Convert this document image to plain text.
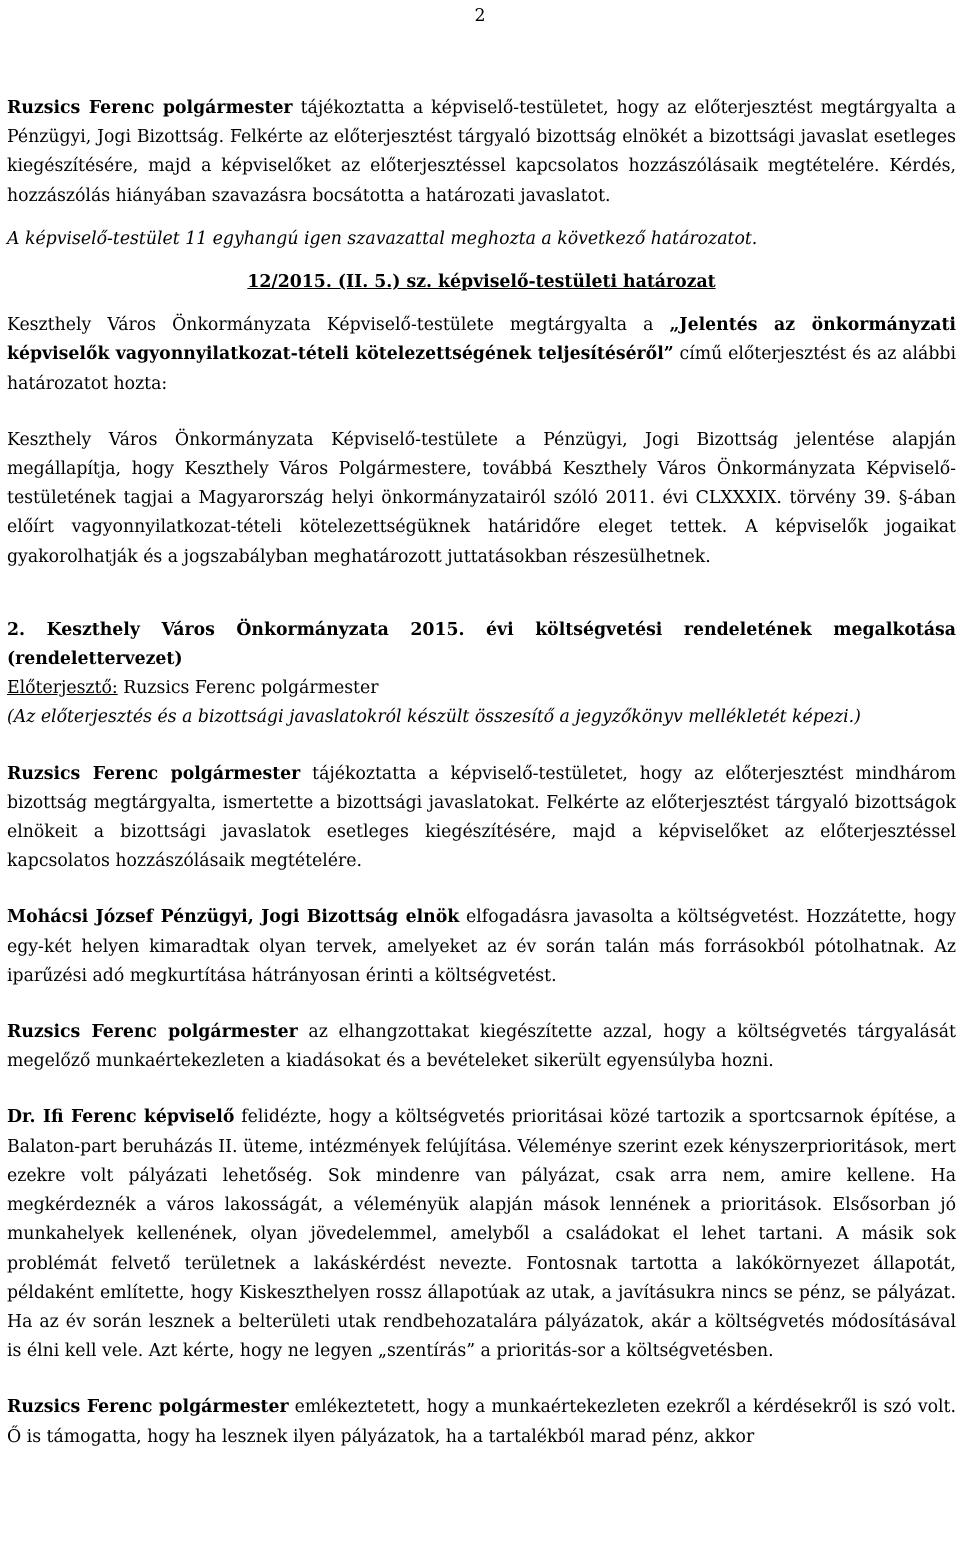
2

Ruzsics Ferenc polgármester tájékoztatta a képviselő-testületet, hogy az előterjesztést megtárgyalta a Pénzügyi, Jogi Bizottság. Felkérte az előterjesztést tárgyaló bizottság elnökét a bizottsági javaslat esetleges kiegészítésére, majd a képviselőket az előterjesztéssel kapcsolatos hozzászólásaik megtételére. Kérdés, hozzászólás hiányában szavazásra bocsátotta a határozati javaslatot.

A képviselő-testület 11 egyhangú igen szavazattal meghozta a következő határozatot.

12/2015. (II. 5.) sz. képviselő-testületi határozat

Keszthely Város Önkormányzata Képviselő-testülete megtárgyalta a „Jelentés az önkormányzati képviselők vagyonnyilatkozat-tételi kötelezettségének teljesítéséről” című előterjesztést és az alábbi határozatot hozta:

Keszthely Város Önkormányzata Képviselő-testülete a Pénzügyi, Jogi Bizottság jelentése alapján megállapítja, hogy Keszthely Város Polgármestere, továbbá Keszthely Város Önkormányzata Képviselő-testületének tagjai a Magyarország helyi önkormányzatairól szóló 2011. évi CLXXXIX. törvény 39. §-ában előírt vagyonnyilatkozat-tételi kötelezettségüknek határidőre eleget tettek. A képviselők jogaikat gyakorolhatják és a jogszabályban meghatározott juttatásokban részesülhetnek.

2. Keszthely Város Önkormányzata 2015. évi költségvetési rendeletének megalkotása (rendelettervezet)

Előterjesztő: Ruzsics Ferenc polgármester

(Az előterjesztés és a bizottsági javaslatokról készült összesítő a jegyzőkönyv mellékletét képezi.)

Ruzsics Ferenc polgármester tájékoztatta a képviselő-testületet, hogy az előterjesztést mindhárom bizottság megtárgyalta, ismertette a bizottsági javaslatokat. Felkérte az előterjesztést tárgyaló bizottságok elnökeit a bizottsági javaslatok esetleges kiegészítésére, majd a képviselőket az előterjesztéssel kapcsolatos hozzászólásaik megtételére.

Mohácsi József Pénzügyi, Jogi Bizottság elnök elfogadásra javasolta a költségvetést. Hozzátette, hogy egy-két helyen kimaradtak olyan tervek, amelyeket az év során talán más forrásokból pótolhatnak. Az iparűzési adó megkurtítása hátrányosan érinti a költségvetést.

Ruzsics Ferenc polgármester az elhangzottakat kiegészítette azzal, hogy a költségvetés tárgyalását megelőző munkaértekezleten a kiadásokat és a bevételeket sikerült egyensúlyba hozni.

Dr. Ifi Ferenc képviselő felidézte, hogy a költségvetés prioritásai közé tartozik a sportcsarnok építése, a Balaton-part beruházás II. üteme, intézmények felújítása. Véleménye szerint ezek kényszerprioritások, mert ezekre volt pályázati lehetőség. Sok mindenre van pályázat, csak arra nem, amire kellene. Ha megkérdeznék a város lakosságát, a véleményük alapján mások lennének a prioritások. Elsősorban jó munkahelyek kellenének, olyan jövedelemmel, amelyből a családokat el lehet tartani. A másik sok problémát felvető területnek a lakáskérdést nevezte. Fontosnak tartotta a lakókörnyezet állapotát, példaként említette, hogy Kiskeszthelyen rossz állapotúak az utak, a javításukra nincs se pénz, se pályázat. Ha az év során lesznek a belterületi utak rendbehozatalára pályázatok, akár a költségvetés módosításával is élni kell vele. Azt kérte, hogy ne legyen „szentírás” a prioritás-sor a költségvetésben.

Ruzsics Ferenc polgármester emlékeztetett, hogy a munkaértekezleten ezekről a kérdésekről is szó volt. Ő is támogatta, hogy ha lesznek ilyen pályázatok, ha a tartalékból marad pénz, akkor
